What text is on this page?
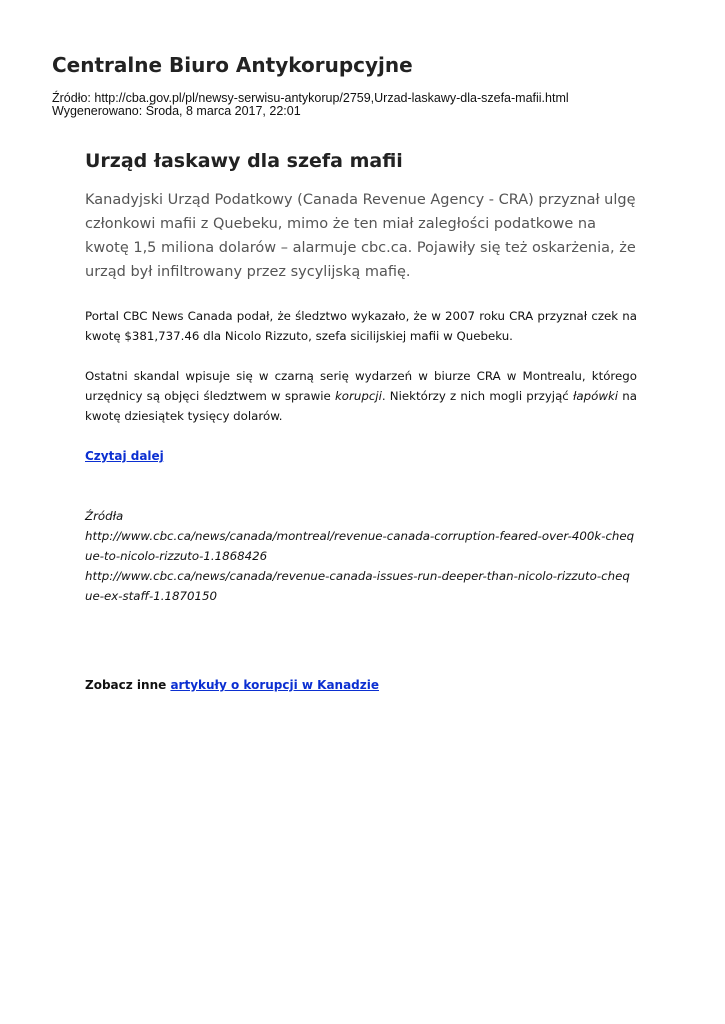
Centralne Biuro Antykorupcyjne
Źródło: http://cba.gov.pl/pl/newsy-serwisu-antykorup/2759,Urzad-laskawy-dla-szefa-mafii.html
Wygenerowano: Środa, 8 marca 2017, 22:01
Urząd łaskawy dla szefa mafii

Kanadyjski Urząd Podatkowy (Canada Revenue Agency - CRA) przyznał ulgę członkowi mafii z Quebeku, mimo że ten miał zaległości podatkowe na kwotę 1,5 miliona dolarów – alarmuje cbc.ca. Pojawiły się też oskarżenia, że urząd był infiltrowany przez sycylijską mafię.

Portal CBC News Canada podał, że śledztwo wykazało, że w 2007 roku CRA przyznał czek na kwotę $381,737.46 dla Nicolo Rizzuto, szefa sicilijskiej mafii w Quebeku.

Ostatni skandal wpisuje się w czarną serię wydarzeń w biurze CRA w Montrealu, którego urzędnicy są objęci śledztwem w sprawie korupcji. Niektórzy z nich mogli przyjąć łapówki na kwotę dziesiątek tysięcy dolarów.

Czytaj dalej
Źródła
http://www.cbc.ca/news/canada/montreal/revenue-canada-corruption-feared-over-400k-cheque-to-nicolo-rizzuto-1.1868426
http://www.cbc.ca/news/canada/revenue-canada-issues-run-deeper-than-nicolo-rizzuto-cheque-ex-staff-1.1870150
Zobacz inne artykuły o korupcji w Kanadzie
